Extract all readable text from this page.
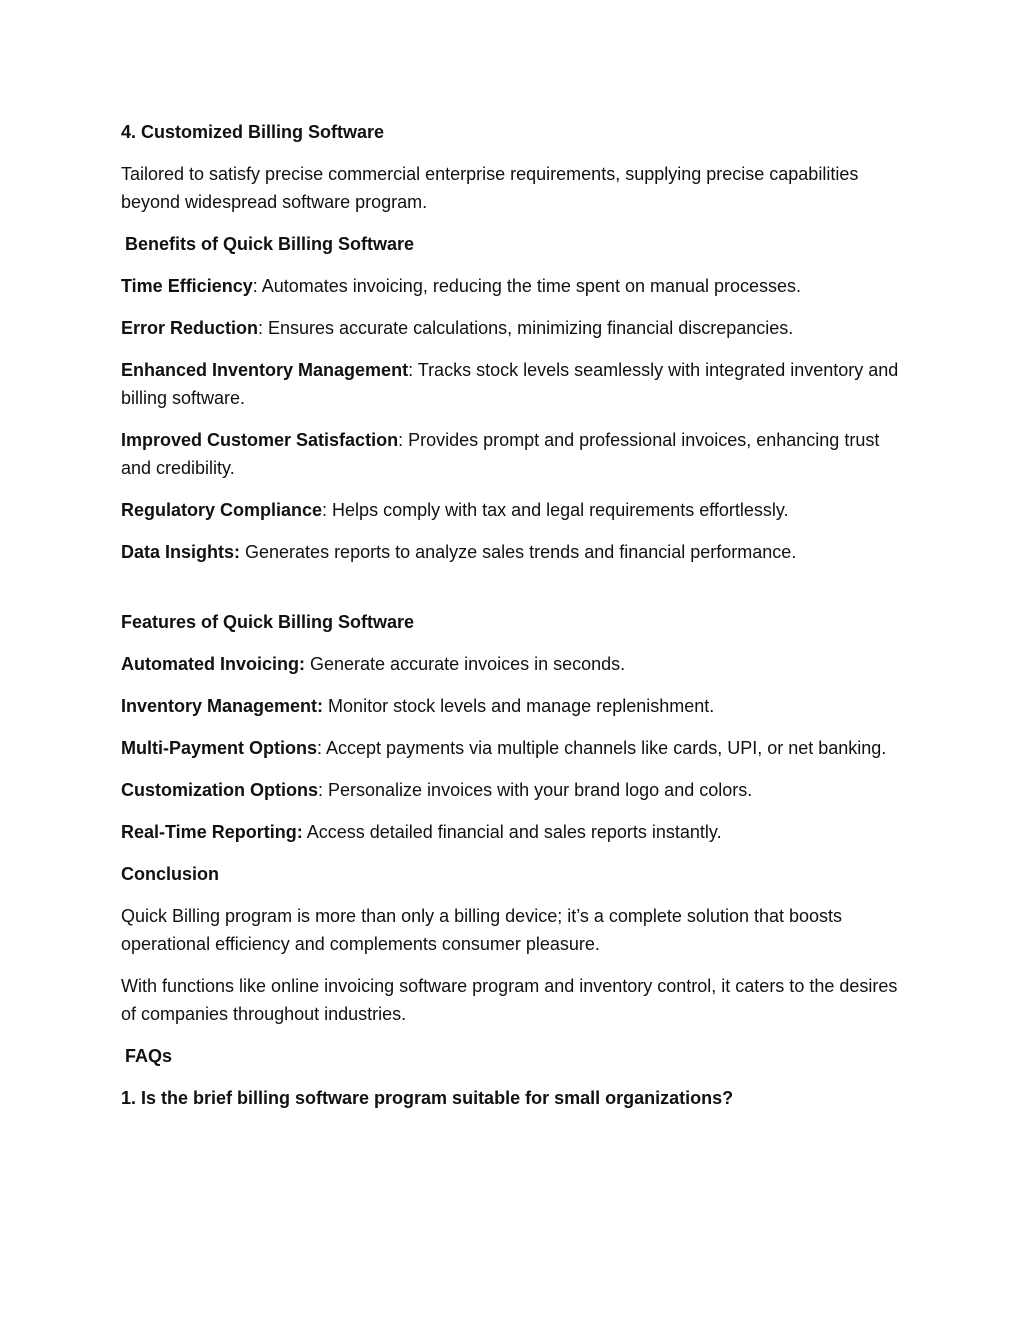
4. Customized Billing Software

Tailored to satisfy precise commercial enterprise requirements, supplying precise capabilities beyond widespread software program.

Benefits of Quick Billing Software

Time Efficiency: Automates invoicing, reducing the time spent on manual processes.

Error Reduction: Ensures accurate calculations, minimizing financial discrepancies.

Enhanced Inventory Management: Tracks stock levels seamlessly with integrated inventory and billing software.

Improved Customer Satisfaction: Provides prompt and professional invoices, enhancing trust and credibility.

Regulatory Compliance: Helps comply with tax and legal requirements effortlessly.

Data Insights: Generates reports to analyze sales trends and financial performance.

Features of Quick Billing Software

Automated Invoicing: Generate accurate invoices in seconds.

Inventory Management: Monitor stock levels and manage replenishment.

Multi-Payment Options: Accept payments via multiple channels like cards, UPI, or net banking.

Customization Options: Personalize invoices with your brand logo and colors.

Real-Time Reporting: Access detailed financial and sales reports instantly.

Conclusion

Quick Billing program is more than only a billing device; it’s a complete solution that boosts operational efficiency and complements consumer pleasure.

With functions like online invoicing software program and inventory control, it caters to the desires of companies throughout industries.

FAQs

1. Is the brief billing software program suitable for small organizations?
